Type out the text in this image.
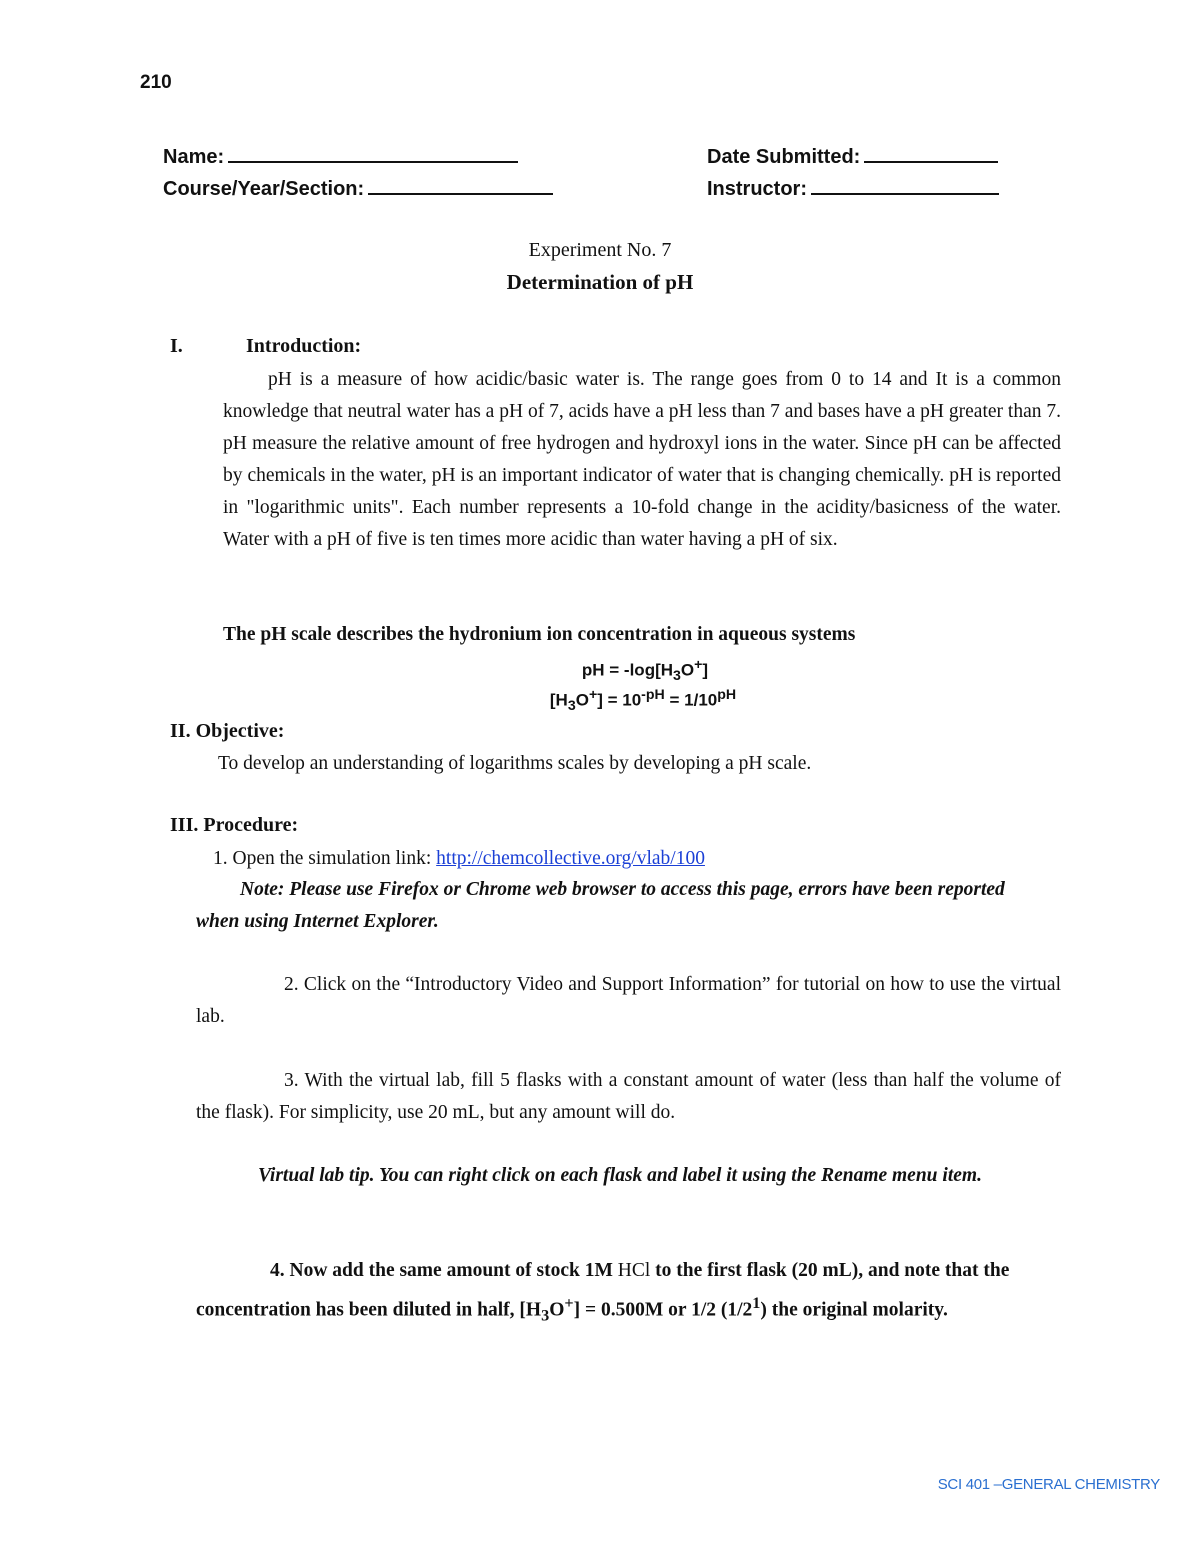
210

Name:
Course/Year/Section:
Date Submitted:
Instructor:

Experiment No. 7

Determination of pH

I.	Introduction:

pH is a measure of how acidic/basic water is. The range goes from 0 to 14 and It is a common knowledge that neutral water has a pH of 7, acids have a pH less than 7 and bases have a pH greater than 7. pH measure the relative amount of free hydrogen and hydroxyl ions in the water. Since pH can be affected by chemicals in the water, pH is an important indicator of water that is changing chemically. pH is reported in "logarithmic units". Each number represents a 10-fold change in the acidity/basicness of the water. Water with a pH of five is ten times more acidic than water having a pH of six.

The pH scale describes the hydronium ion concentration in aqueous systems

pH = $-\log[H_3O^+]$
$[H_3O^+] = 10^{-pH} = 1/10^{pH}$

II. Objective:

To develop an understanding of logarithms scales by developing a pH scale.

III. Procedure:

1. Open the simulation link: http://chemcollective.org/vlab/100

Note: Please use Firefox or Chrome web browser to access this page, errors have been reported when using Internet Explorer.

2. Click on the “Introductory Video and Support Information” for tutorial on how to use the virtual lab.

3. With the virtual lab, fill 5 flasks with a constant amount of water (less than half the volume of the flask). For simplicity, use 20 mL, but any amount will do.

Virtual lab tip. You can right click on each flask and label it using the Rename menu item.

4. Now add the same amount of stock 1M HCl to the first flask (20 mL), and note that the concentration has been diluted in half, $[H_3O^+] = 0.500M$ or 1/2 $(1/2^1)$ the original molarity.

SCI 401 –GENERAL CHEMISTRY
